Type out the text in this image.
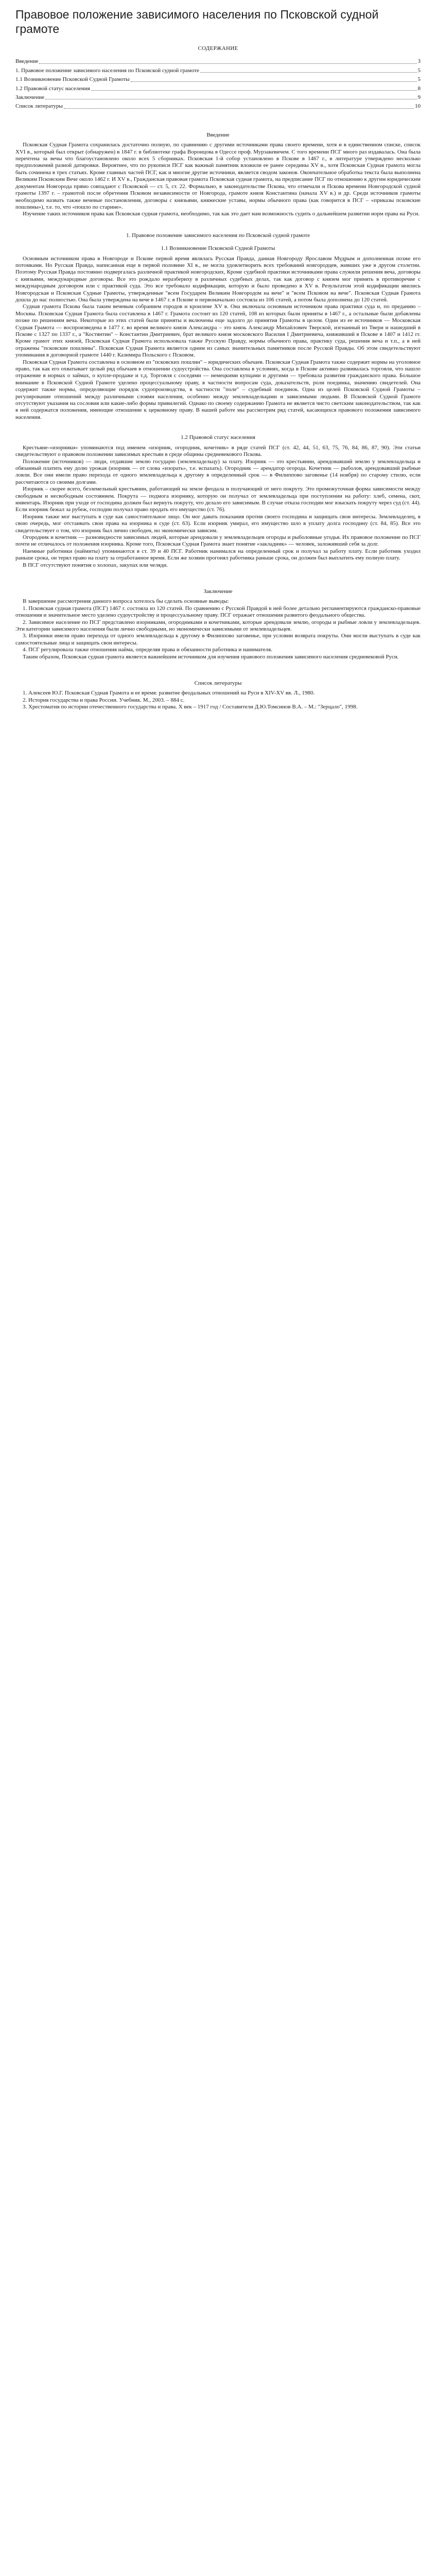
Правовое положение зависимого населения по Псковской судной грамоте
СОДЕРЖАНИЕ
Введение	3
1. Правовое положение зависимого населения по Псковской судной грамоте	5
1.1 Возникновение Псковской Судной Грамоты	5
1.2 Правовой статус населения	8
Заключение	9
Список литературы	10
Введение

Псковская Судная Грамота сохранилась достаточно полную, по сравнению с другими источниками права своего времени, хотя и в единственном списке, список XVI в., который был открыт (обнаружен) в 1847 г. в библиотеке графа Воронцова в Одессе проф. Мурзакевичем. С того времени ПСГ много раз издавалась. Она была перечтена за вечы что благоустановлено около всех 5 сборниках. Псковская 1-й собор установлено в Пскове в 1467 г., в литературе утверждено несколько предположений разной датировки. Вероятнее, что по рукописи ПСГ как важный памятник вложили ее ранее середины XV в., хотя Псковская Судная грамота могла быть сочинена в трех статьях. Кроме главных частей ПСГ, как и многие другие источники, является сводом законов. Окончательное обработка текста была выполнена Великим Псковским Вече около 1462 г. И XV в., Гражданская правовая грамота Псковская судная грамота, на предписание ПСГ по отношению к другим юридическим документам Новгорода прямо совпадают с Псковской — ст. 5, ст. 22. Формально, в законодательстве Пскова, что отмечали и Пскова времени Новгородской судной грамоты 1397 г. – грамотой после обретения Псковом независимости от Новгорода, грамоте князя Константина (начала XV в.) и др. Среди источников грамоты необходимо назвать также вечевые постановления, договоры с князьями, княжеские уставы, нормы обычного права (как говорится в ПСГ – «приказы псковские пошлины»), т.е. то, что «пошло по старине».

Изучение таких источников права как Псковская судная грамота, необходимо, так как это дает нам возможность судить о дальнейшем развитии норм права на Руси.

1. Правовое положение зависимого населения по Псковской судной грамоте
1.1 Возникновение Псковской Судной Грамоты

Основным источником права в Новгороде и Пскове первой время являлась Русская Правда, данная Новгороду Ярославом Мудрым и дополненная позже его потомками. Но Русская Правда, написанная еще в первой половине XI в., не могла удовлетворить всех требований новгородцев, живших уже в другом столетии. Поэтому Русская Правда постоянно подвергалась различной практикой новгородских, Кроме судебной практики источниками права служили решения веча, договоры с князьями, международные договоры. Все это рождало неразбериху в различных судебных делах, так как договор с князем мог принять в противоречие с международным договором или с практикой суда. Это все требовало кодификации, которую и было проведено в XV в. Результатом этой кодификации явились Новгородская и Псковская Судные Грамоты, утвержденные "всем Государем Великим Новгородом на вече" и "всем Псковом на вече". Псковская Судная Грамота дошла до нас полностью. Она была утверждена на вече в 1467 г. в Пскове и первоначально состояла из 106 статей, а потом была дополнена до 120 статей.

Судная грамота Пскова была таким вечевым собранием городов и кроилене XV в. Она включала основным источником права практики суда и, по преданию – Москвы. Псковская Судная Грамота была составлена в 1467 г. Грамота состоит из 120 статей, 108 из которых были приняты в 1467 г., а остальные были добавлены позже по решениям веча. Некоторые из этих статей были приняты и включены еще задолго до принятия Грамоты в целом. Один из ее источников — Московская Судная Грамота — воспроизведена в 1477 г. во время великого князя Александра – это князь Александр Михайлович Тверской, изгнанный из Твери и нашедший в Пскове с 1327 по 1337 г., а "Костянтин" – Константин Дмитриевич, брат великого князя московского Василия I Дмитриевича, княживший в Пскове в 1407 и 1412 гг. Кроме грамот этих князей, Псковская Судная Грамота использовала также Русскую Правду, нормы обычного права, практику суда, решения веча и т.п., а в ней отражены "псковские пошлины". Псковская Судная Грамота является одним из самых значительных памятников после Русской Правды. Об этом свидетельствуют упоминания в договорной грамоте 1440 г. Казимира Польского с Псковом.

Псковская Судная Грамота составлена в основном из "псковских пошлин" – юридических обычаев. Псковская Судная Грамота также содержит нормы на уголовное право, так как его охватывает целый ряд обычаев в отношении судоустройства. Она составлена в условиях, когда в Пскове активно развивалась торговля, что нашло отражение в нормах о займах, о купле-продаже и т.д. Торговля с соседями — немецкими купцами и другими — требовала развития гражданского права. Большое внимание в Псковской Судной Грамоте уделено процессуальному праву, в частности вопросам суда, доказательств, роли поединка, значению свидетелей. Она содержит также нормы, определяющие порядок судопроизводства, в частности "поле" – судебный поединок. Одна из целей Псковской Судной Грамоты – регулирование отношений между различными слоями населения, особенно между землевладельцами и зависимыми людьми. В Псковской Судной Грамоте отсутствуют указания на сословия или какие-либо формы привилегий. Однако по своему содержанию Грамота не является чисто светским законодательством, так как в ней содержатся положения, имеющие отношение к церковному праву. В нашей работе мы рассмотрим ряд статей, касающихся правового положения зависимого населения.

1.2 Правовой статус населения

Крестьяне-«изорники» упоминаются под именем «изорник, огородник, кочетник» в ряде статей ПСГ (ст. 42, 44, 51, 63, 75, 76, 84, 86, 87, 90). Эти статьи свидетельствуют о правовом положении зависимых крестьян в среде общины средневекового Пскова.

Положение (источников) — люди, отдавшие землю государю (землевладельцу) за плату. Изорник — это крестьянин, арендовавший землю у землевладельца и обязанный платить ему долю урожая (изорник — от слова «изорать», т.е. вспахать). Огородник — арендатор огорода. Кочетник — рыболов, арендовавший рыбные ловли. Все они имели право перехода от одного землевладельца к другому в определенный срок — в Филиппово заговенье (14 ноября) по старому стилю, если рассчитаются со своими долгами.

Изорник – скорее всего, безземельный крестьянин, работающий на земле феодала и получающий от него покруту. Это промежуточная форма зависимости между свободным и несвободным состоянием. Покрута — подмога изорнику, которую он получал от землевладельца при поступлении на работу: хлеб, семена, скот, инвентарь. Изорник при уходе от господина должен был вернуть покруту, что делало его зависимым. В случае отказа господин мог взыскать покруту через суд (ст. 44). Если изорник бежал за рубеж, господин получал право продать его имущество (ст. 76).

Изорник также мог выступать в суде как самостоятельное лицо. Он мог давать показания против своего господина и защищать свои интересы. Землевладелец, в свою очередь, мог отстаивать свои права на изорника в суде (ст. 63). Если изорник умирал, его имущество шло в уплату долга господину (ст. 84, 85). Все это свидетельствует о том, что изорник был лично свободен, но экономически зависим.

Огородник и кочетник — разновидности зависимых людей, которые арендовали у землевладельцев огороды и рыболовные угодья. Их правовое положение по ПСГ почти не отличалось от положения изорника. Кроме того, Псковская Судная Грамота знает понятие «закладник» — человек, заложивший себя за долг.

Наемные работники (наймиты) упоминаются в ст. 39 и 40 ПСГ. Работник нанимался на определенный срок и получал за работу плату. Если работник уходил раньше срока, он терял право на плату за отработанное время. Если же хозяин прогонял работника раньше срока, он должен был выплатить ему полную плату.

В ПСГ отсутствуют понятия о холопах, закупах или челяди.

Заключение

В завершение рассмотрения данного вопроса хотелось бы сделать основные выводы:

1. Псковская судная грамота (ПСГ) 1467 г. состояла из 120 статей. По сравнению с Русской Правдой в ней более детально регламентируются гражданско-правовые отношения и значительное место уделено судоустройству и процессуальному праву. ПСГ отражает отношения развитого феодального общества.

2. Зависимое население по ПСГ представлено изорниками, огородниками и кочетниками, которые арендовали землю, огороды и рыбные ловли у землевладельцев. Эти категории зависимого населения были лично свободными, но экономически зависимыми от землевладельцев.

3. Изорники имели право перехода от одного землевладельца к другому в Филиппово заговенье, при условии возврата покруты. Они могли выступать в суде как самостоятельные лица и защищать свои интересы.

4. ПСГ регулировала также отношения найма, определяя права и обязанности работника и нанимателя.

Таким образом, Псковская судная грамота является важнейшим источником для изучения правового положения зависимого населения средневековой Руси.

Список литературы
1. Алексеев Ю.Г. Псковская Судная Грамота и ее время: развитие феодальных отношений на Руси в XIV-XV вв. Л., 1980.
2. История государства и права России. Учебник. М., 2003. – 884 с.
3. Хрестоматия по истории отечественного государства и права. X век – 1917 год / Составители Д.Ю.Томсинов В.А. – М.: "Зерцало", 1998.
